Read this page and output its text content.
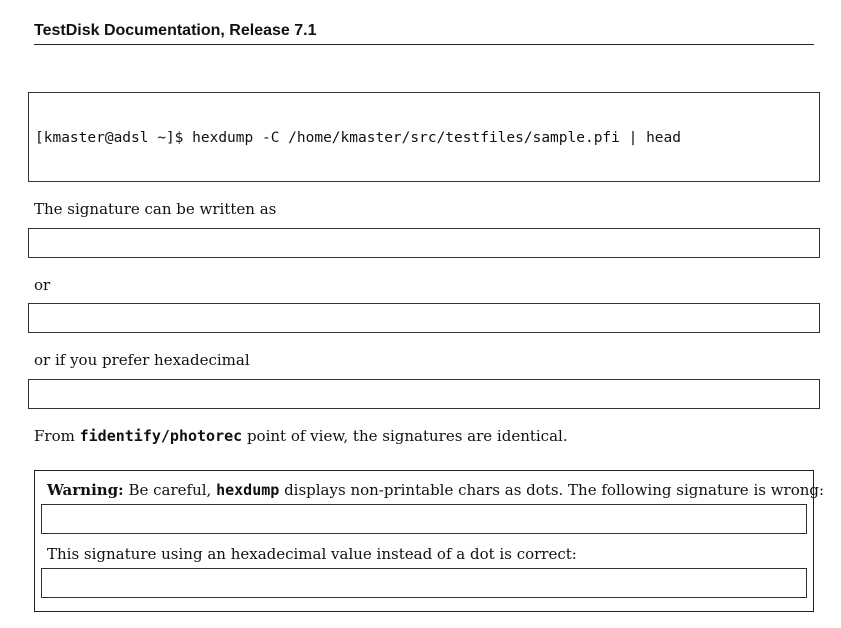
TestDisk Documentation, Release 7.1

[kmaster@adsl ~]$ hexdump -C /home/kmaster/src/testfiles/sample.pfi | head

The signature can be written as

or

or if you prefer hexadecimal

From fidentify/photorec point of view, the signatures are identical.
Warning: Be careful, hexdump displays non-printable chars as dots. The following signature is wrong:

This signature using an hexadecimal value instead of a dot is correct:
